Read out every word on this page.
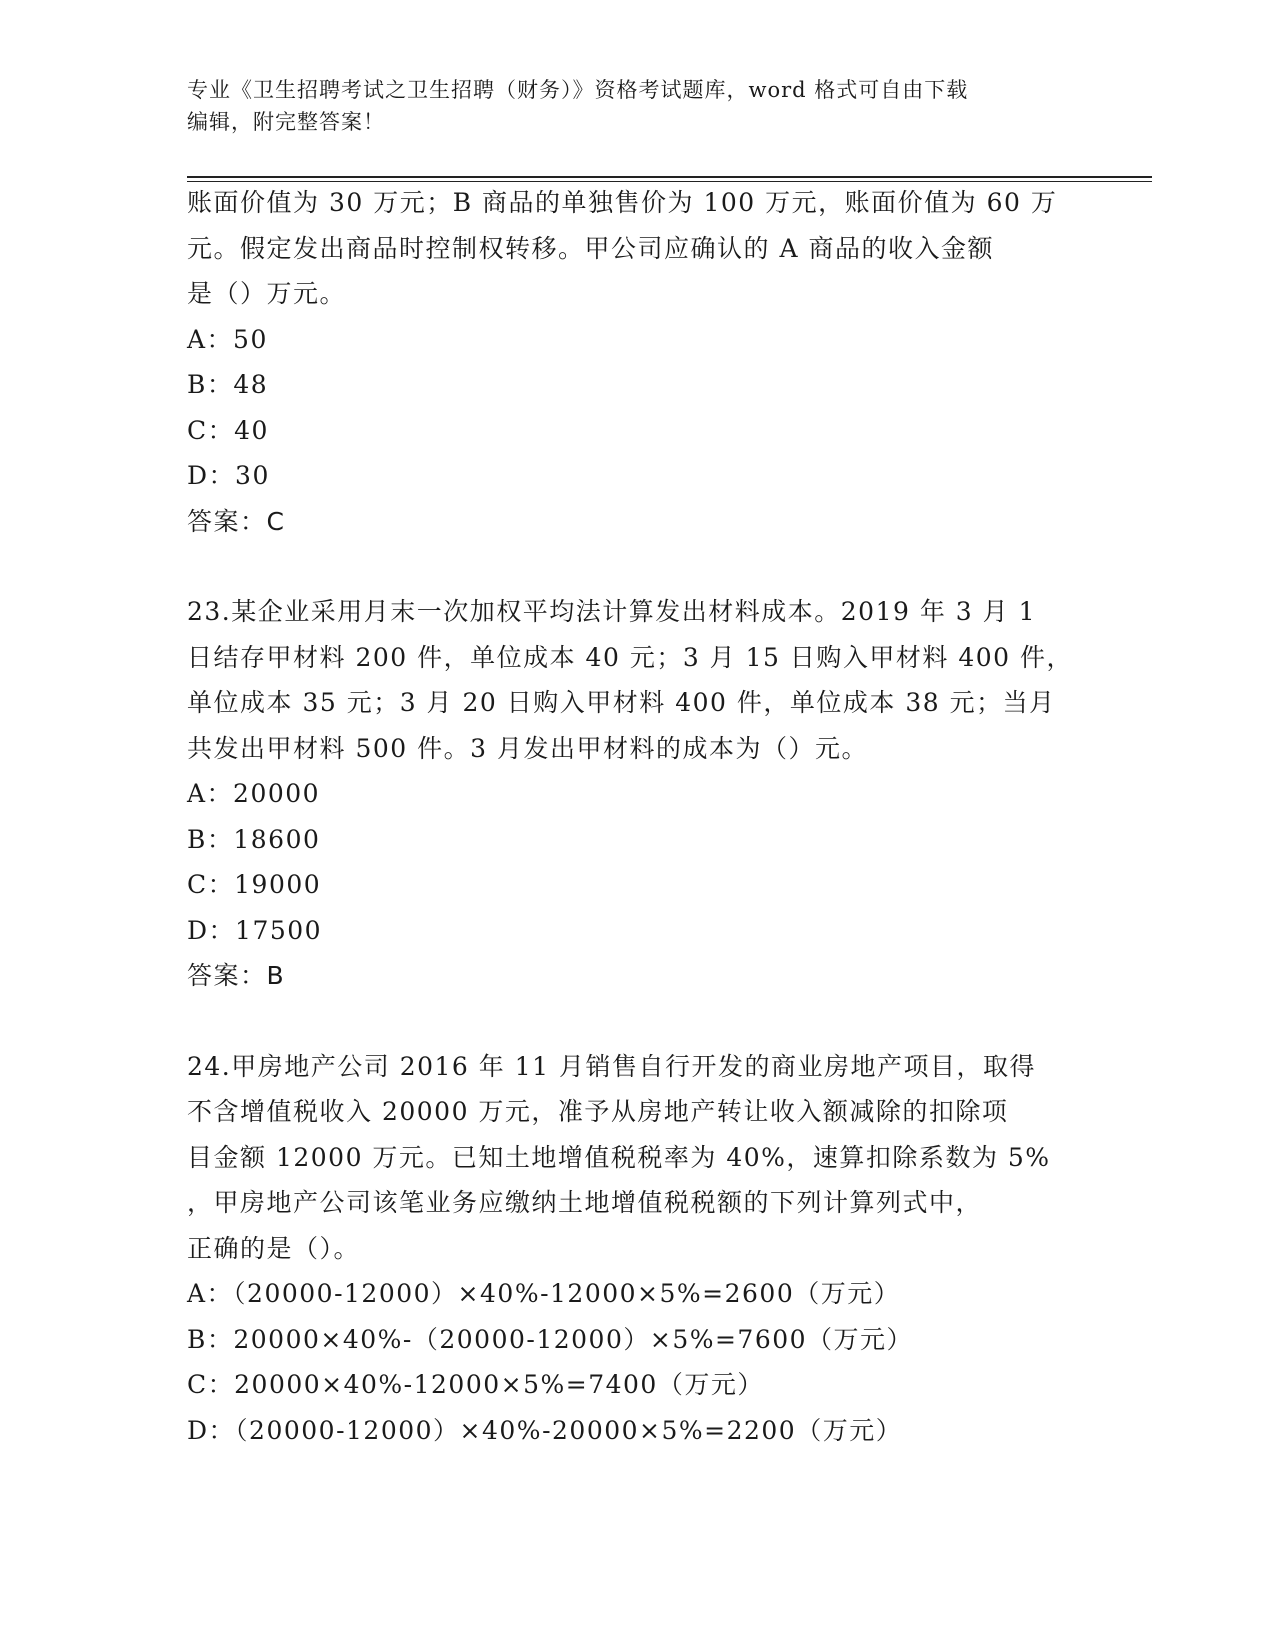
专业《卫生招聘考试之卫生招聘（财务）》资格考试题库，word 格式可自由下载
编辑，附完整答案！

账面价值为 30 万元；B 商品的单独售价为 100 万元，账面价值为 60 万

元。假定发出商品时控制权转移。甲公司应确认的 A 商品的收入金额

是（）万元。

A：50

B：48

C：40

D：30

答案：C

23.某企业采用月末一次加权平均法计算发出材料成本。2019 年 3 月 1

日结存甲材料 200 件，单位成本 40 元；3 月 15 日购入甲材料 400 件，

单位成本 35 元；3 月 20 日购入甲材料 400 件，单位成本 38 元；当月

共发出甲材料 500 件。3 月发出甲材料的成本为（）元。

A：20000

B：18600

C：19000

D：17500

答案：B

24.甲房地产公司 2016 年 11 月销售自行开发的商业房地产项目，取得

不含增值税收入 20000 万元，准予从房地产转让收入额减除的扣除项

目金额 12000 万元。已知土地增值税税率为 40%，速算扣除系数为 5%

，甲房地产公司该笔业务应缴纳土地增值税税额的下列计算列式中，

正确的是（）。

A：（20000-12000）×40%-12000×5%=2600（万元）

B：20000×40%-（20000-12000）×5%=7600（万元）

C：20000×40%-12000×5%=7400（万元）

D：（20000-12000）×40%-20000×5%=2200（万元）
